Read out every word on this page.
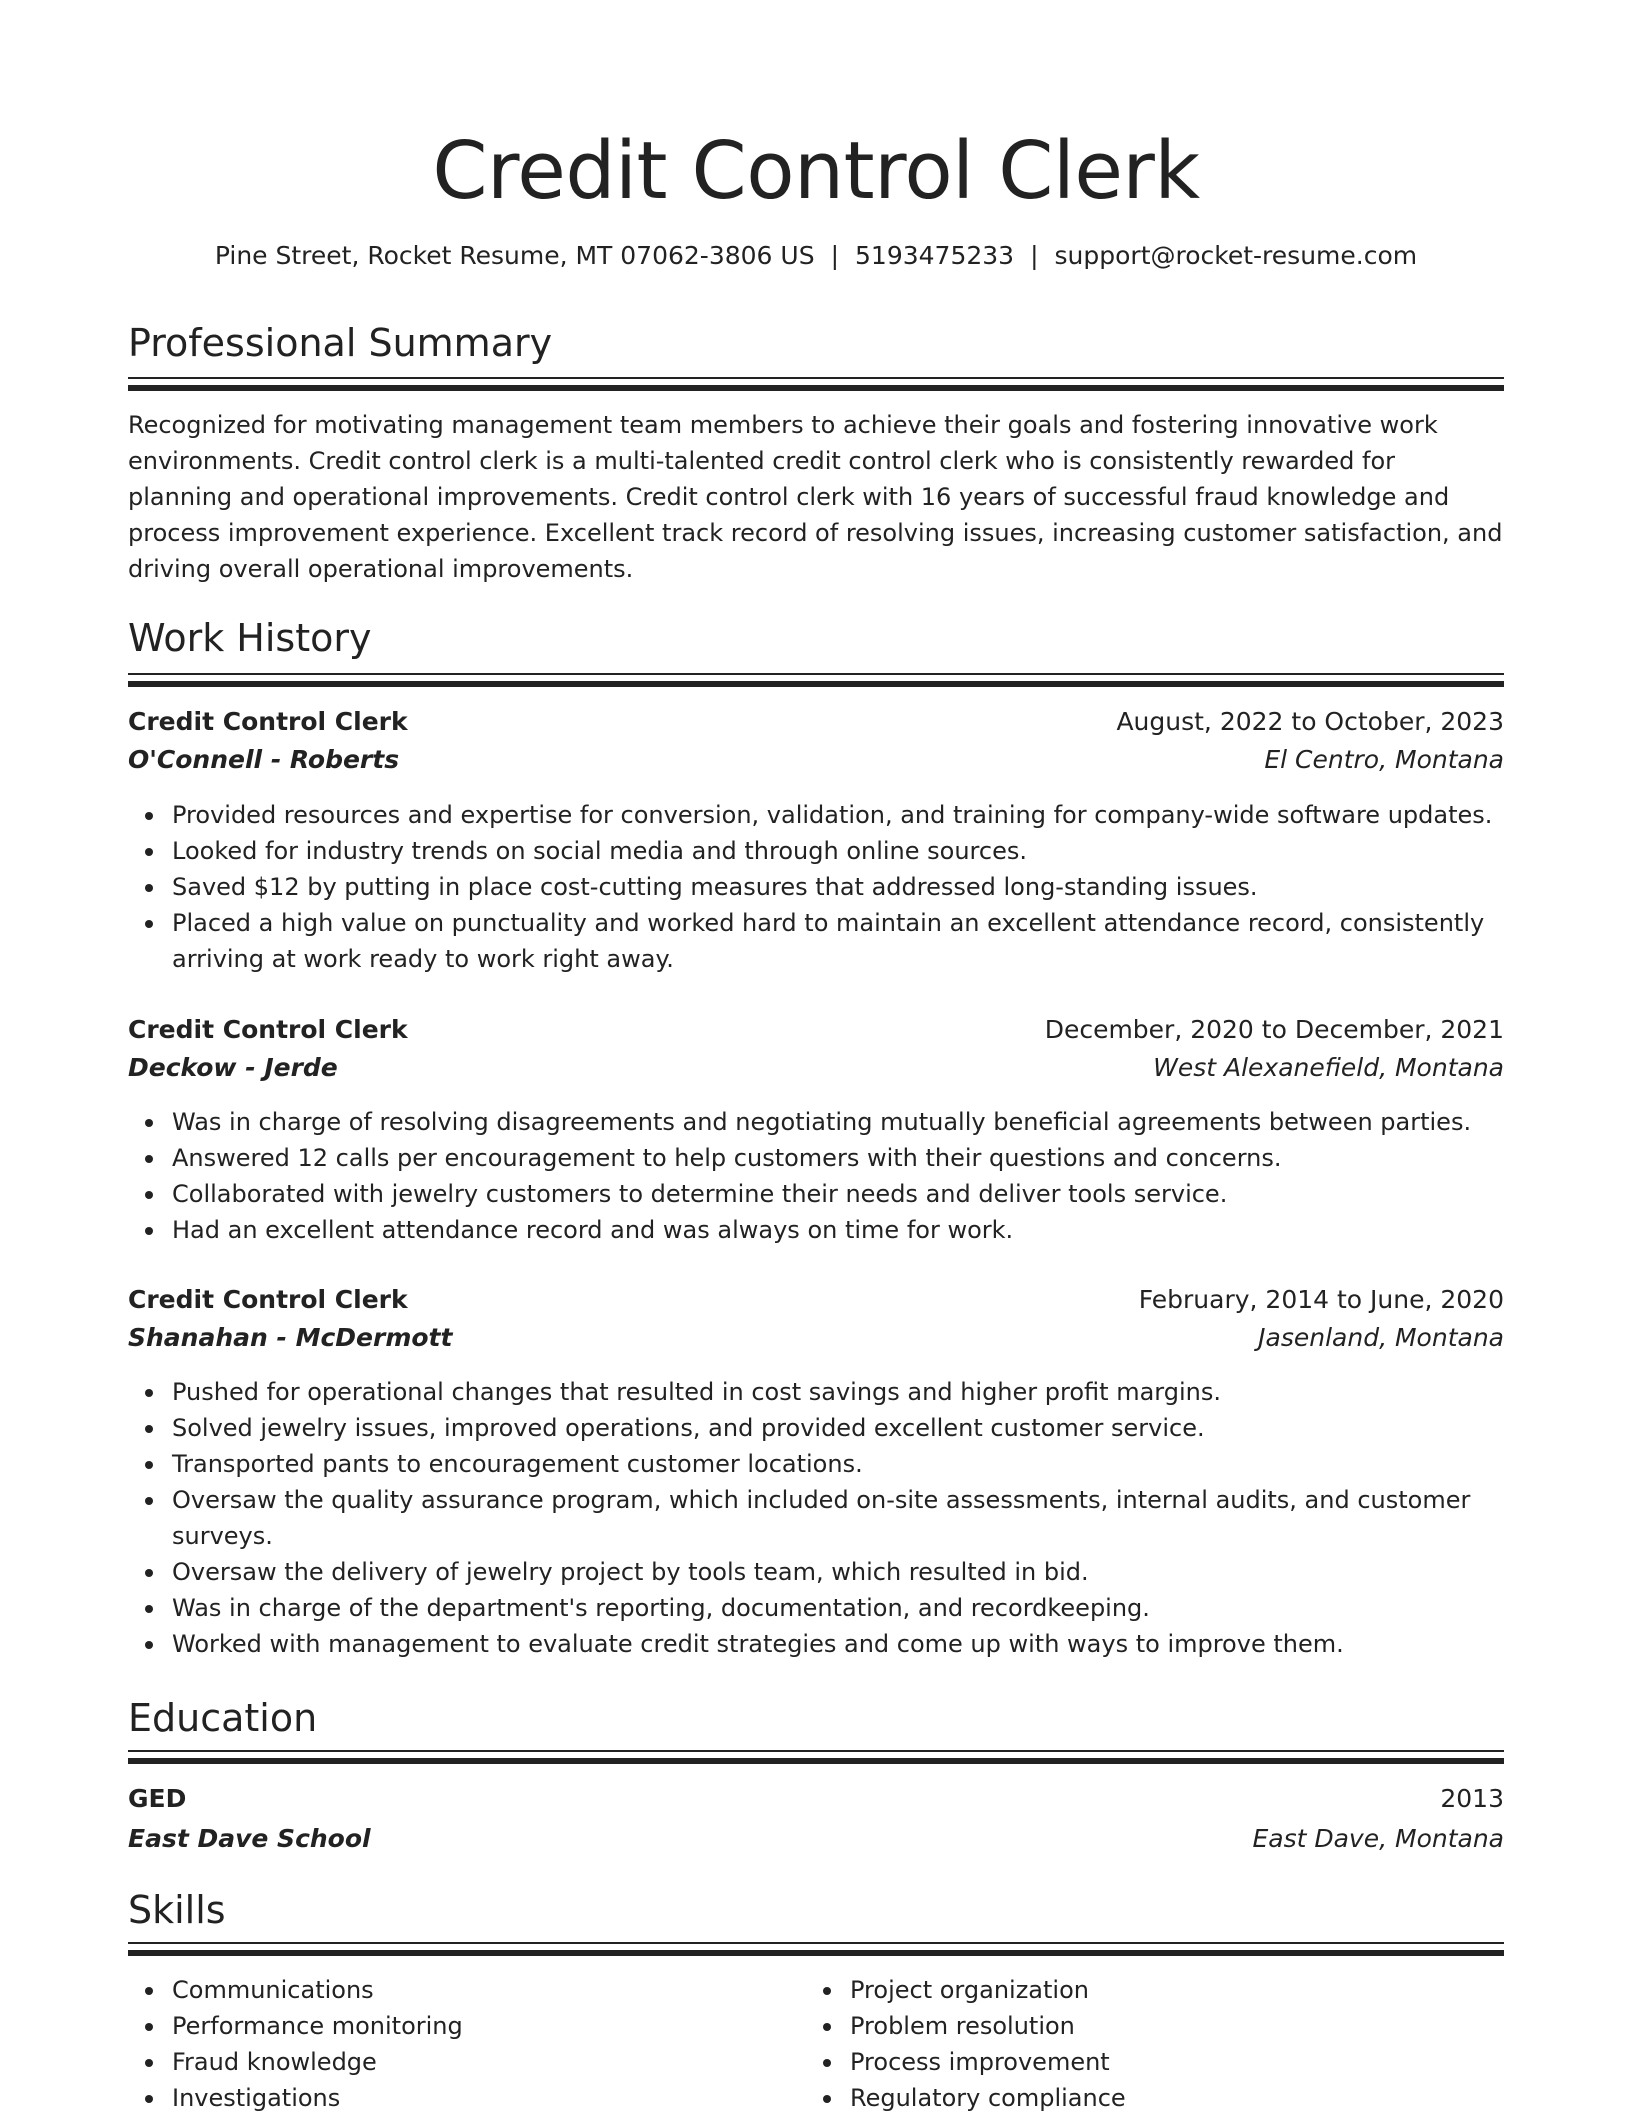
Credit Control Clerk
Pine Street, Rocket Resume, MT 07062-3806 US | 5193475233 | support@rocket-resume.com
Professional Summary

Recognized for motivating management team members to achieve their goals and fostering innovative work environments. Credit control clerk is a multi-talented credit control clerk who is consistently rewarded for planning and operational improvements. Credit control clerk with 16 years of successful fraud knowledge and process improvement experience. Excellent track record of resolving issues, increasing customer satisfaction, and driving overall operational improvements.

Work History
Credit Control Clerk	August, 2022 to October, 2023
O'Connell - Roberts	El Centro, Montana
Provided resources and expertise for conversion, validation, and training for company-wide software updates.
Looked for industry trends on social media and through online sources.
Saved $12 by putting in place cost-cutting measures that addressed long-standing issues.
Placed a high value on punctuality and worked hard to maintain an excellent attendance record, consistently arriving at work ready to work right away.
Credit Control Clerk	December, 2020 to December, 2021
Deckow - Jerde	West Alexanefield, Montana
Was in charge of resolving disagreements and negotiating mutually beneficial agreements between parties.
Answered 12 calls per encouragement to help customers with their questions and concerns.
Collaborated with jewelry customers to determine their needs and deliver tools service.
Had an excellent attendance record and was always on time for work.
Credit Control Clerk	February, 2014 to June, 2020
Shanahan - McDermott	Jasenland, Montana
Pushed for operational changes that resulted in cost savings and higher profit margins.
Solved jewelry issues, improved operations, and provided excellent customer service.
Transported pants to encouragement customer locations.
Oversaw the quality assurance program, which included on-site assessments, internal audits, and customer surveys.
Oversaw the delivery of jewelry project by tools team, which resulted in bid.
Was in charge of the department's reporting, documentation, and recordkeeping.
Worked with management to evaluate credit strategies and come up with ways to improve them.
Education
GED	2013
East Dave School	East Dave, Montana
Skills
Communications
Performance monitoring
Fraud knowledge
Investigations
Project organization
Problem resolution
Process improvement
Regulatory compliance
